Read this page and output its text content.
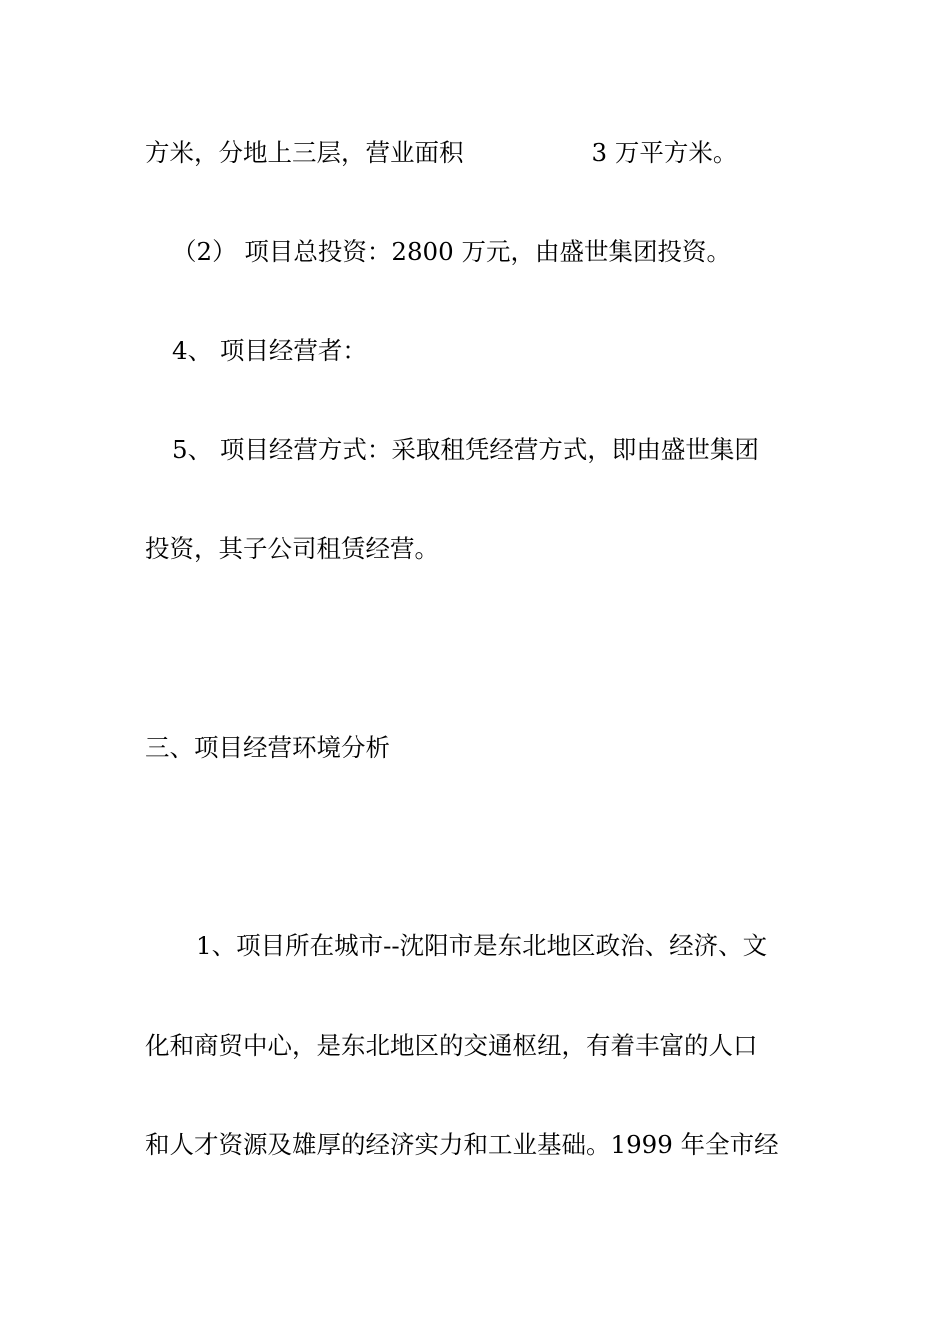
方米，分地上三层，营业面积	3 万平方米。
（2） 项目总投资：2800 万元，由盛世集团投资。
4、 项目经营者：
5、 项目经营方式：采取租凭经营方式，即由盛世集团
投资，其子公司租赁经营。
三、项目经营环境分析
1、项目所在城市--沈阳市是东北地区政治、经济、文
化和商贸中心，是东北地区的交通枢纽，有着丰富的人口
和人才资源及雄厚的经济实力和工业基础。1999 年全市经
